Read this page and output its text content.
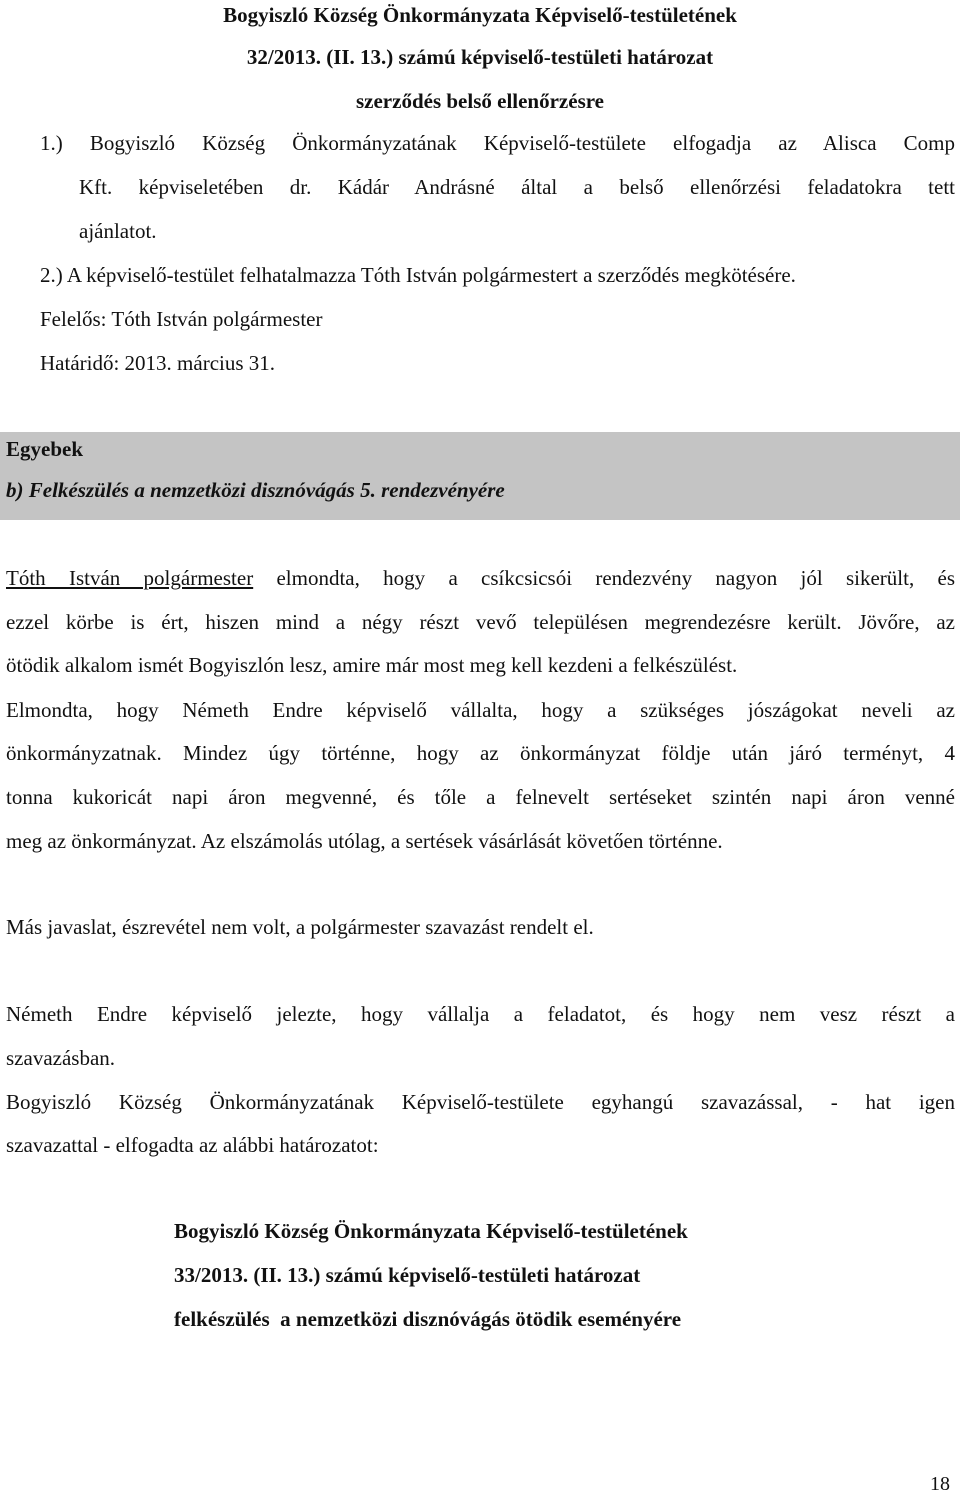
Bogyiszló Község Önkormányzata Képviselő-testületének
32/2013. (II. 13.) számú képviselő-testületi határozat
szerződés belső ellenőrzésre
1.) Bogyiszló Község Önkormányzatának Képviselő-testülete elfogadja az Alisca Comp
Kft. képviseletében dr. Kádár Andrásné által a belső ellenőrzési feladatokra tett
ajánlatot.
2.) A képviselő-testület felhatalmazza Tóth István polgármestert a szerződés megkötésére.
Felelős: Tóth István polgármester
Határidő: 2013. március 31.
Egyebek
b) Felkészülés a nemzetközi disznóvágás 5. rendezvényére
Tóth István polgármester elmondta, hogy a csíkcsicsói rendezvény nagyon jól sikerült, és
ezzel körbe is ért, hiszen mind a négy részt vevő településen megrendezésre került. Jövőre, az
ötödik alkalom ismét Bogyiszlón lesz, amire már most meg kell kezdeni a felkészülést.
Elmondta, hogy Németh Endre képviselő vállalta, hogy a szükséges jószágokat neveli az
önkormányzatnak. Mindez úgy történne, hogy az önkormányzat földje után járó terményt, 4
tonna kukoricát napi áron megvenné, és tőle a felnevelt sertéseket szintén napi áron venné
meg az önkormányzat. Az elszámolás utólag, a sertések vásárlását követően történne.
Más javaslat, észrevétel nem volt, a polgármester szavazást rendelt el.
Németh Endre képviselő jelezte, hogy vállalja a feladatot, és hogy nem vesz részt a
szavazásban.
Bogyiszló Község Önkormányzatának Képviselő-testülete egyhangú szavazással, - hat igen
szavazattal - elfogadta az alábbi határozatot:
Bogyiszló Község Önkormányzata Képviselő-testületének
33/2013. (II. 13.) számú képviselő-testületi határozat
felkészülés  a nemzetközi disznóvágás ötödik eseményére
18
